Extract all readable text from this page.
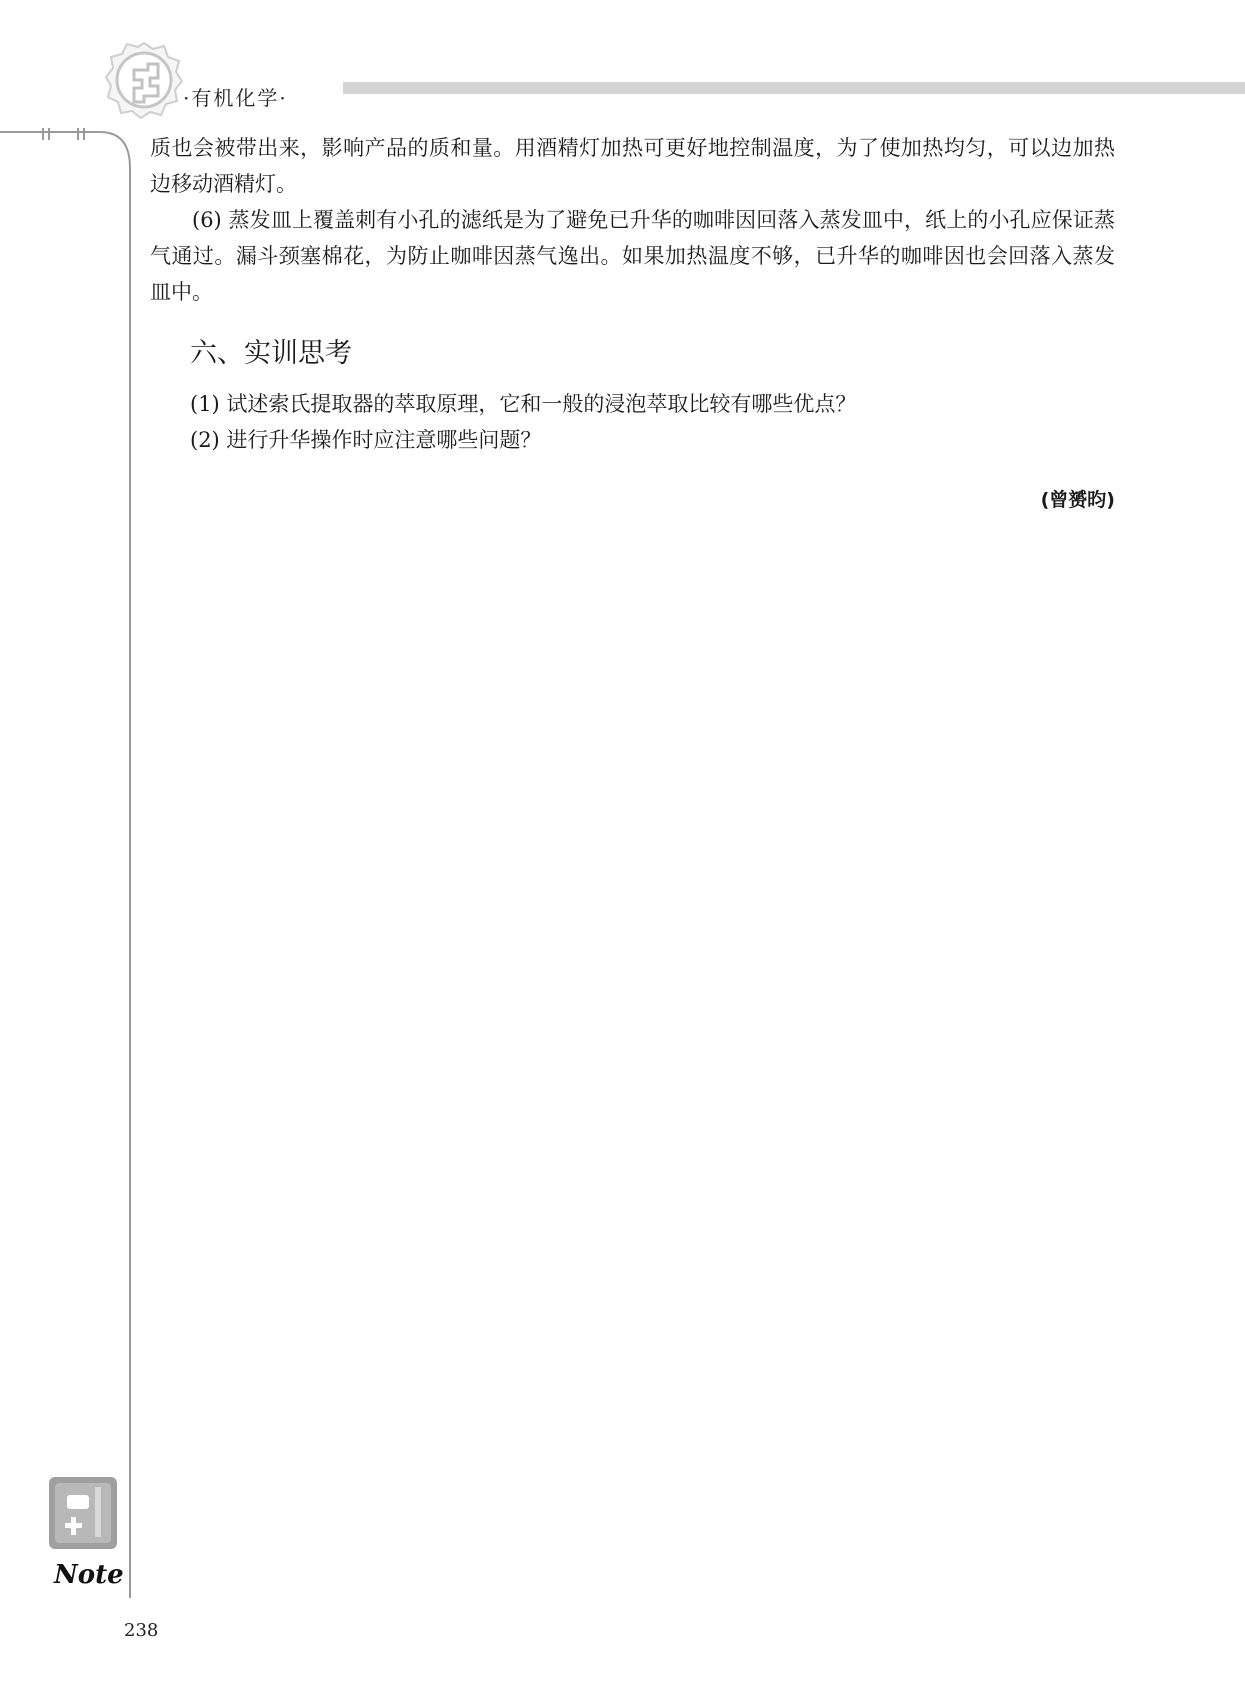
·有机化学·

质也会被带出来，影响产品的质和量。用酒精灯加热可更好地控制温度，为了使加热均匀，可以边加热边移动酒精灯。

(6) 蒸发皿上覆盖刺有小孔的滤纸是为了避免已升华的咖啡因回落入蒸发皿中，纸上的小孔应保证蒸气通过。漏斗颈塞棉花，为防止咖啡因蒸气逸出。如果加热温度不够，已升华的咖啡因也会回落入蒸发皿中。

六、实训思考

(1) 试述索氏提取器的萃取原理，它和一般的浸泡萃取比较有哪些优点？

(2) 进行升华操作时应注意哪些问题？

(曾赟昀)

Note
238
